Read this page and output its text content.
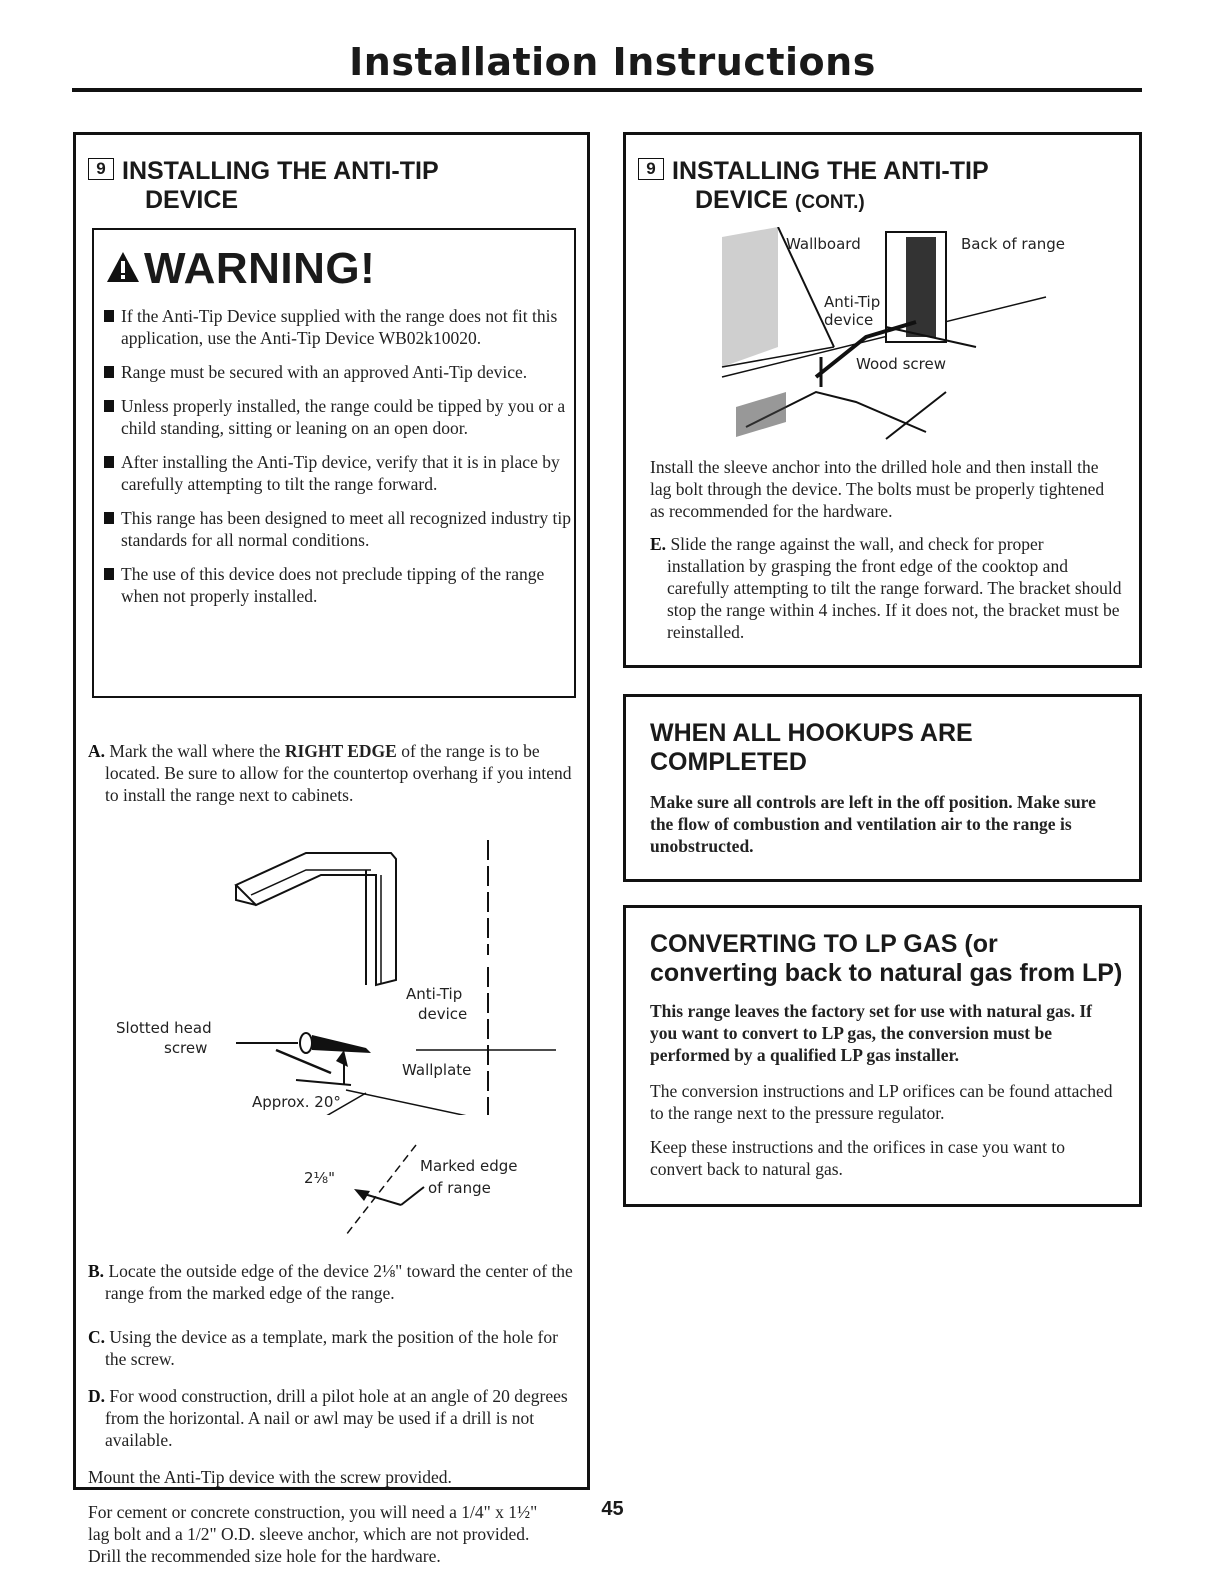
Installation Instructions
9 INSTALLING THE ANTI-TIP
DEVICE
WARNING!
If the Anti-Tip Device supplied with the range does not fit this application, use the Anti-Tip Device WB02k10020.
Range must be secured with an approved Anti-Tip device.
Unless properly installed, the range could be tipped by you or a child standing, sitting or leaning on an open door.
After installing the Anti-Tip device, verify that it is in place by carefully attempting to tilt the range forward.
This range has been designed to meet all recognized industry tip standards for all normal conditions.
The use of this device does not preclude tipping of the range when not properly installed.
A. Mark the wall where the RIGHT EDGE of the range is to be located. Be sure to allow for the countertop overhang if you intend to install the range next to cabinets.
Anti-Tip
device
Slotted head
screw
Wallplate
Approx. 20°
2⅛"
Marked edge
of range
B. Locate the outside edge of the device 2⅛" toward the center of the range from the marked edge of the range.
C. Using the device as a template, mark the position of the hole for the screw.
D. For wood construction, drill a pilot hole at an angle of 20 degrees from the horizontal. A nail or awl may be used if a drill is not available.
Mount the Anti-Tip device with the screw provided.
For cement or concrete construction, you will need a 1/4" x 1½" lag bolt and a 1/2" O.D. sleeve anchor, which are not provided. Drill the recommended size hole for the hardware.
9 INSTALLING THE ANTI-TIP
DEVICE (CONT.)
Wallboard	Back of range
Anti-Tip
device
Wood screw
Install the sleeve anchor into the drilled hole and then install the lag bolt through the device. The bolts must be properly tightened as recommended for the hardware.
E. Slide the range against the wall, and check for proper installation by grasping the front edge of the cooktop and carefully attempting to tilt the range forward. The bracket should stop the range within 4 inches. If it does not, the bracket must be reinstalled.
WHEN ALL HOOKUPS ARE
COMPLETED
Make sure all controls are left in the off position. Make sure the flow of combustion and ventilation air to the range is unobstructed.
CONVERTING TO LP GAS (or
converting back to natural gas from LP)
This range leaves the factory set for use with natural gas. If you want to convert to LP gas, the conversion must be performed by a qualified LP gas installer.
The conversion instructions and LP orifices can be found attached to the range next to the pressure regulator.
Keep these instructions and the orifices in case you want to convert back to natural gas.
45
